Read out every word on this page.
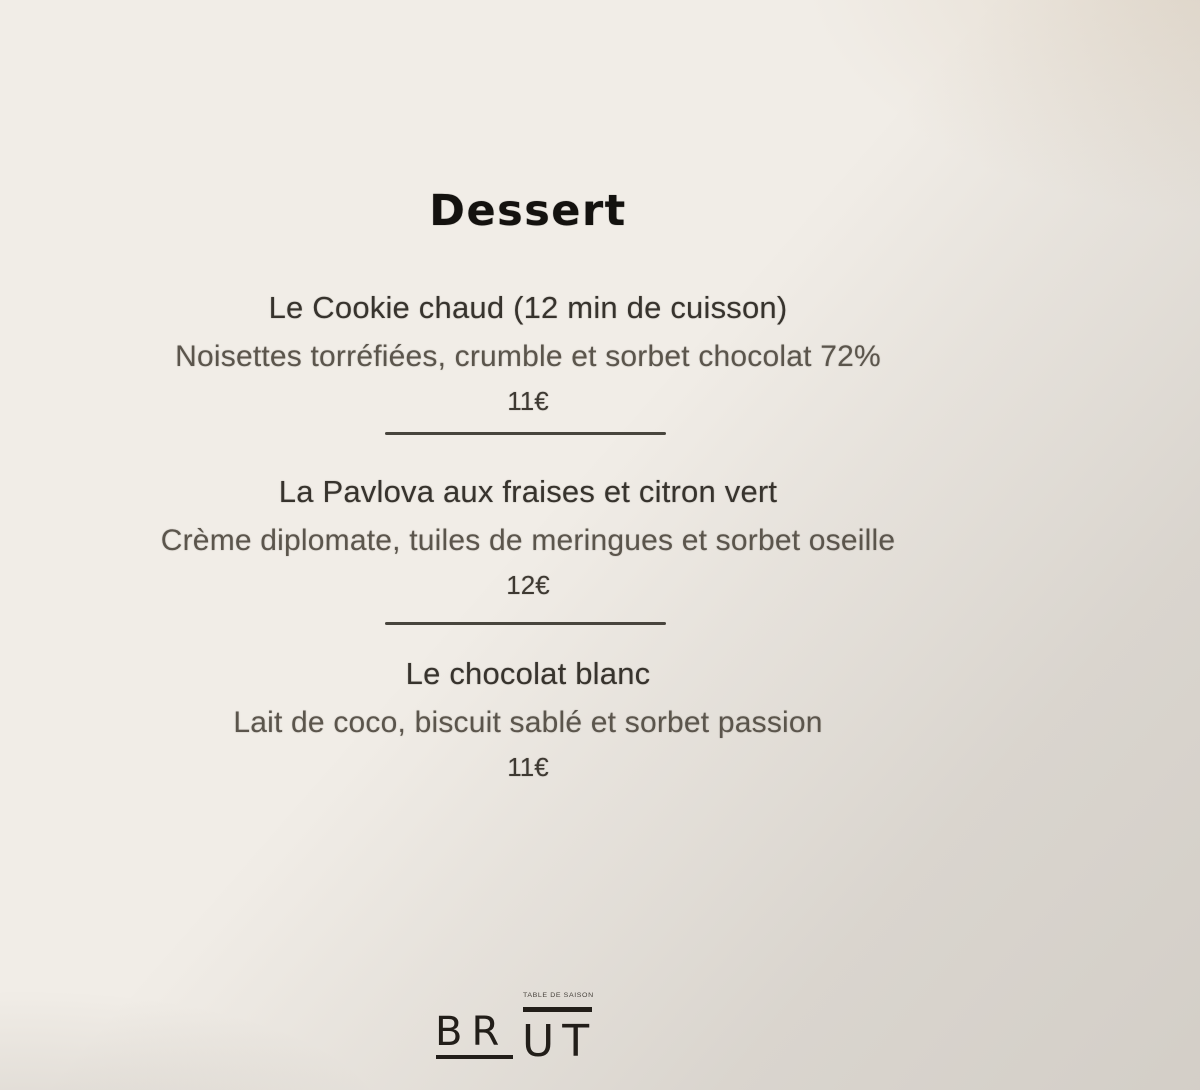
Dessert
Le Cookie chaud (12 min de cuisson)
Noisettes torréfiées, crumble et sorbet chocolat 72%
11€
La Pavlova aux fraises et citron vert
Crème diplomate, tuiles de meringues et sorbet oseille
12€
Le chocolat blanc
Lait de coco, biscuit sablé et sorbet passion
11€
BR
TABLE DE SAISON
UT
